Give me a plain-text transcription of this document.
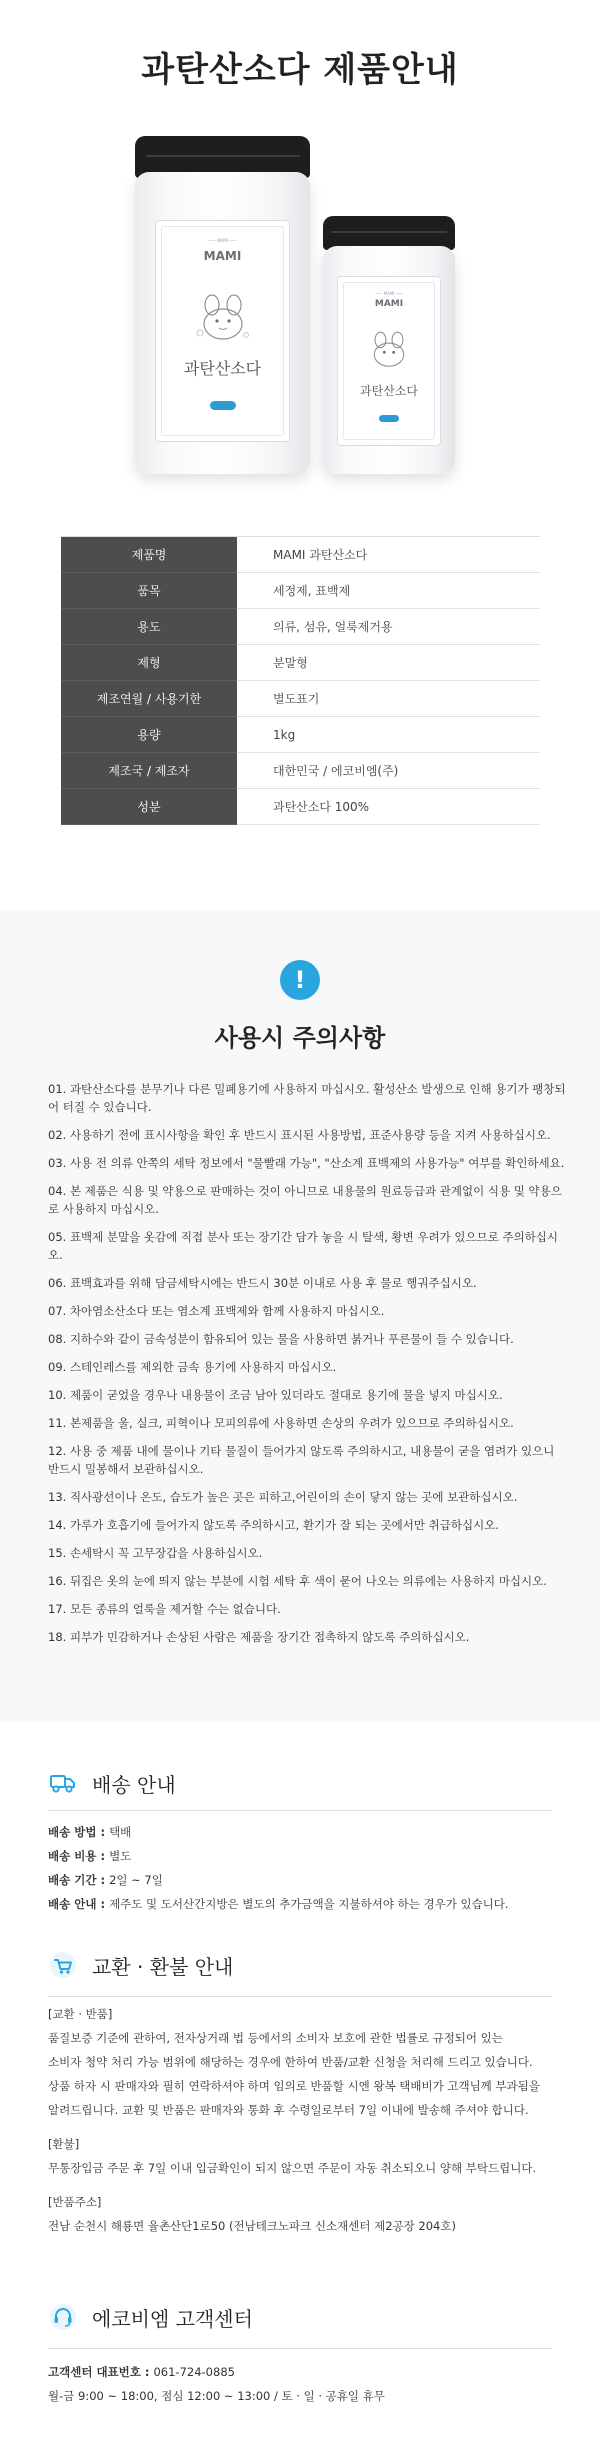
과탄산소다 제품안내
─── MAMI ───
MAMI
과탄산소다
─── MAMI ───
MAMI
과탄산소다
제품명	MAMI 과탄산소다
품목	세정제, 표백제
용도	의류, 섬유, 얼룩제거용
제형	분말형
제조연월 / 사용기한	별도표기
용량	1kg
제조국 / 제조자	대한민국 / 에코비엠(주)
성분	과탄산소다 100%
!
사용시 주의사항
01. 과탄산소다를 분무기나 다른 밀폐용기에 사용하지 마십시오. 활성산소 발생으로 인해 용기가 팽창되어 터질 수 있습니다.
02. 사용하기 전에 표시사항을 확인 후 반드시 표시된 사용방법, 표준사용량 등을 지켜 사용하십시오.
03. 사용 전 의류 안쪽의 세탁 정보에서 "물빨래 가능", "산소계 표백제의 사용가능" 여부를 확인하세요.
04. 본 제품은 식용 및 약용으로 판매하는 것이 아니므로 내용물의 원료등급과 관계없이 식용 및 약용으로 사용하지 마십시오.
05. 표백제 분말을 옷감에 직접 분사 또는 장기간 담가 놓을 시 탈색, 황변 우려가 있으므로 주의하십시오.
06. 표백효과를 위해 담금세탁시에는 반드시 30분 이내로 사용 후 물로 헹궈주십시오.
07. 차아염소산소다 또는 염소계 표백제와 함께 사용하지 마십시오.
08. 지하수와 같이 금속성분이 함유되어 있는 물을 사용하면 붉거나 푸른물이 들 수 있습니다.
09. 스테인레스를 제외한 금속 용기에 사용하지 마십시오.
10. 제품이 굳었을 경우나 내용물이 조금 남아 있더라도 절대로 용기에 물을 넣지 마십시오.
11. 본제품을 울, 실크, 피혁이나 모피의류에 사용하면 손상의 우려가 있으므로 주의하십시오.
12. 사용 중 제품 내에 물이나 기타 물질이 들어가지 않도록 주의하시고, 내용물이 굳을 염려가 있으니 반드시 밀봉해서 보관하십시오.
13. 직사광선이나 온도, 습도가 높은 곳은 피하고,어린이의 손이 닿지 않는 곳에 보관하십시오.
14. 가루가 호흡기에 들어가지 않도록 주의하시고, 환기가 잘 되는 곳에서만 취급하십시오.
15. 손세탁시 꼭 고무장갑을 사용하십시오.
16. 뒤집은 옷의 눈에 띄지 않는 부분에 시험 세탁 후 색이 묻어 나오는 의류에는 사용하지 마십시오.
17. 모든 종류의 얼룩을 제거할 수는 없습니다.
18. 피부가 민감하거나 손상된 사람은 제품을 장기간 접촉하지 않도록 주의하십시오.
배송 안내
배송 방법 : 택배
배송 비용 : 별도
배송 기간 : 2일 ~ 7일
배송 안내 : 제주도 및 도서산간지방은 별도의 추가금액을 지불하셔야 하는 경우가 있습니다.
교환 · 환불 안내
[교환 · 반품]
품질보증 기준에 관하여, 전자상거래 법 등에서의 소비자 보호에 관한 법률로 규정되어 있는
소비자 청약 처리 가능 범위에 해당하는 경우에 한하여 반품/교환 신청을 처리해 드리고 있습니다.
상품 하자 시 판매자와 필히 연락하셔야 하며 임의로 반품할 시엔 왕복 택배비가 고객님께 부과됨을
알려드립니다. 교환 및 반품은 판매자와 통화 후 수령일로부터 7일 이내에 발송해 주셔야 합니다.
[환불]
무통장입금 주문 후 7일 이내 입금확인이 되지 않으면 주문이 자동 취소되오니 양해 부탁드립니다.
[반품주소]
전남 순천시 해룡면 율촌산단1로50 (전남테크노파크 신소재센터 제2공장 204호)
에코비엠 고객센터
고객센터 대표번호 : 061-724-0885
월-금 9:00 ~ 18:00, 점심 12:00 ~ 13:00 / 토 · 일 · 공휴일 휴무
